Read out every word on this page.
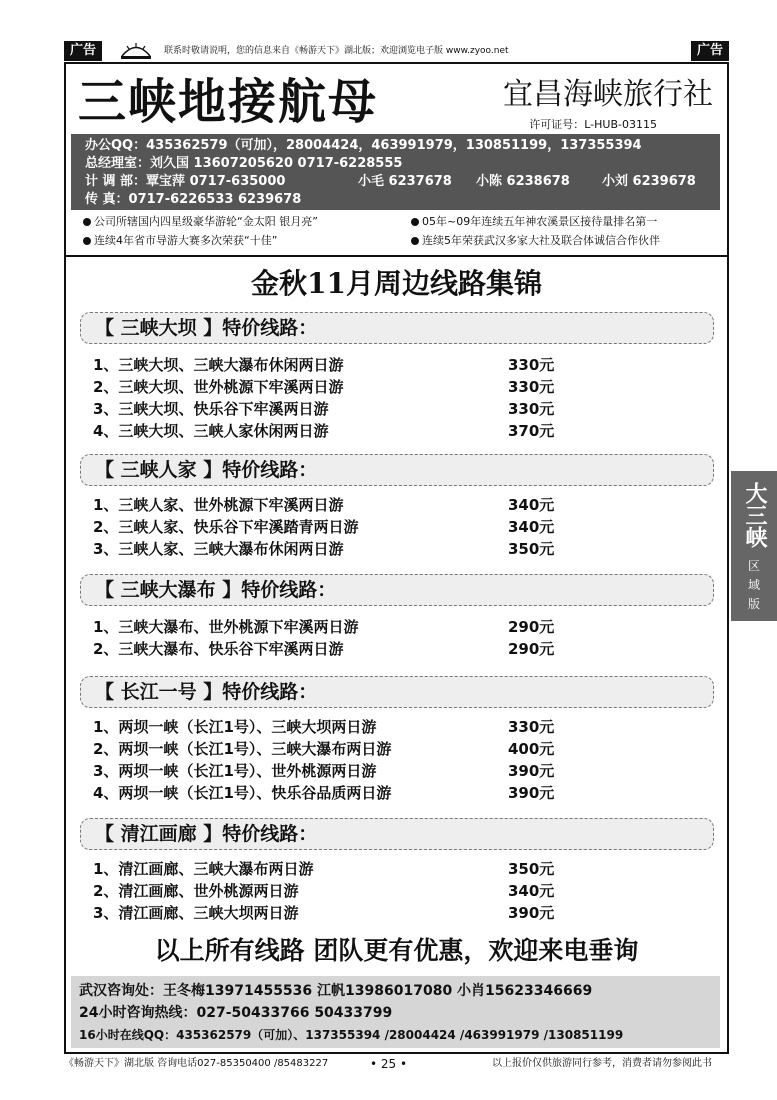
广告	联系时敬请说明，您的信息来自《畅游天下》湖北版；欢迎浏览电子版 www.zyoo.net	广告
三峡地接航母	宜昌海峡旅行社
许可证号：L-HUB-03115
办公QQ：435362579（可加），28004424，463991979，130851199，137355394
总经理室：刘久国 13607205620 0717-6228555
计 调 部：覃宝萍 0717-635000	小毛 6237678 小陈 6238678 小刘 6239678
传 真：0717-6226533 6239678
公司所辖国内四星级豪华游轮“金太阳 银月亮”	05年~09年连续五年神农溪景区接待量排名第一
连续4年省市导游大赛多次荣获“十佳”	连续5年荣获武汉多家大社及联合体诚信合作伙伴
金秋11月周边线路集锦
【 三峡大坝 】特价线路：
1、三峡大坝、三峡大瀑布休闲两日游	330元
2、三峡大坝、世外桃源下牢溪两日游	330元
3、三峡大坝、快乐谷下牢溪两日游	330元
4、三峡大坝、三峡人家休闲两日游	370元
【 三峡人家 】特价线路：
1、三峡人家、世外桃源下牢溪两日游	340元
2、三峡人家、快乐谷下牢溪踏青两日游	340元
3、三峡人家、三峡大瀑布休闲两日游	350元
【 三峡大瀑布 】特价线路：
1、三峡大瀑布、世外桃源下牢溪两日游	290元
2、三峡大瀑布、快乐谷下牢溪两日游	290元
【 长江一号 】特价线路：
1、两坝一峡（长江1号）、三峡大坝两日游	330元
2、两坝一峡（长江1号）、三峡大瀑布两日游	400元
3、两坝一峡（长江1号）、世外桃源两日游	390元
4、两坝一峡（长江1号）、快乐谷品质两日游	390元
【 清江画廊 】特价线路：
1、清江画廊、三峡大瀑布两日游	350元
2、清江画廊、世外桃源两日游	340元
3、清江画廊、三峡大坝两日游	390元
以上所有线路 团队更有优惠，欢迎来电垂询
武汉咨询处：王冬梅13971455536 江帆13986017080 小肖15623346669
24小时咨询热线：027-50433766 50433799
16小时在线QQ：435362579（可加）、137355394 /28004424 /463991979 /130851199
大三峡
区
域
版
《畅游天下》湖北版 咨询电话027-85350400 /85483227	• 25 •	以上报价仅供旅游同行参考，消费者请勿参阅此书
